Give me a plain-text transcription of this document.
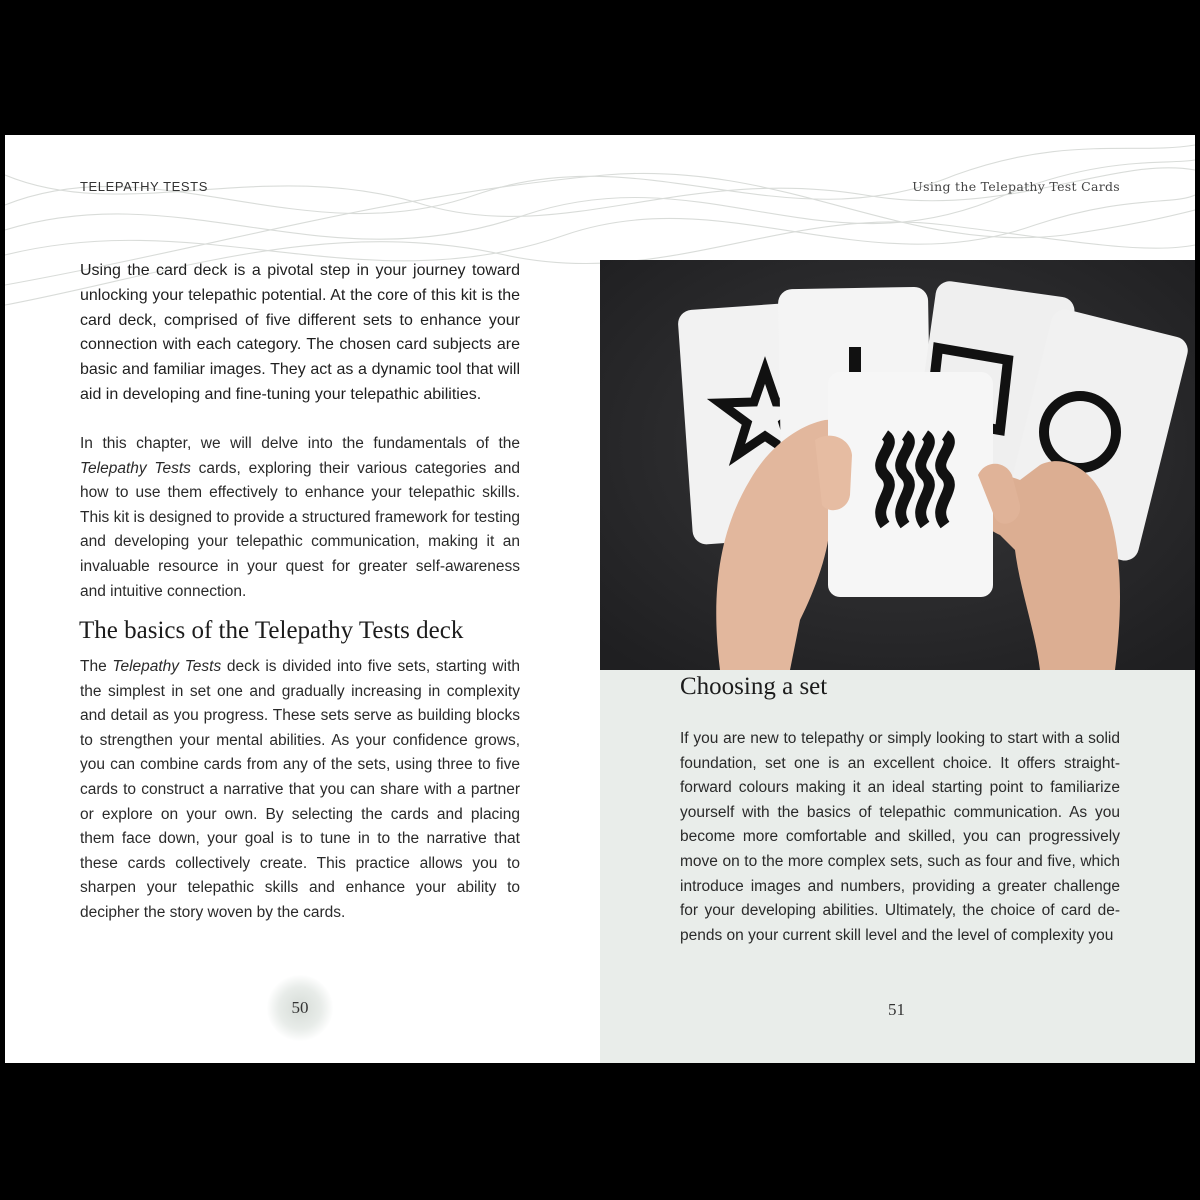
TELEPATHY TESTS	Using the Telepathy Test Cards

Using the card deck is a pivotal step in your journey toward unlocking your telepathic potential. At the core of this kit is the card deck, comprised of five different sets to enhance your connection with each category. The chosen card subjects are basic and familiar images. They act as a dynamic tool that will aid in developing and fine-tuning your telepathic abilities.

In this chapter, we will delve into the fundamentals of the Telepathy Tests cards, exploring their various categories and how to use them effectively to enhance your telepathic skills. This kit is designed to provide a structured framework for testing and developing your telepathic communication, making it an invaluable resource in your quest for greater self-awareness and intuitive connection.

The basics of the Telepathy Tests deck

The Telepathy Tests deck is divided into five sets, starting with the simplest in set one and gradually increasing in complexity and detail as you progress. These sets serve as building blocks to strengthen your mental abilities. As your confidence grows, you can combine cards from any of the sets, using three to five cards to construct a narrative that you can share with a partner or explore on your own. By selecting the cards and placing them face down, your goal is to tune in to the narrative that these cards collectively create. This practice allows you to sharpen your telepathic skills and enhance your ability to decipher the story woven by the cards.

50
Choosing a set

If you are new to telepathy or simply looking to start with a solid foundation, set one is an excellent choice. It offers straight-forward colours making it an ideal starting point to familiarize yourself with the basics of telepathic communication. As you become more comfortable and skilled, you can progressively move on to the more complex sets, such as four and five, which introduce images and numbers, providing a greater challenge for your developing abilities. Ultimately, the choice of card de-pends on your current skill level and the level of complexity you

51
